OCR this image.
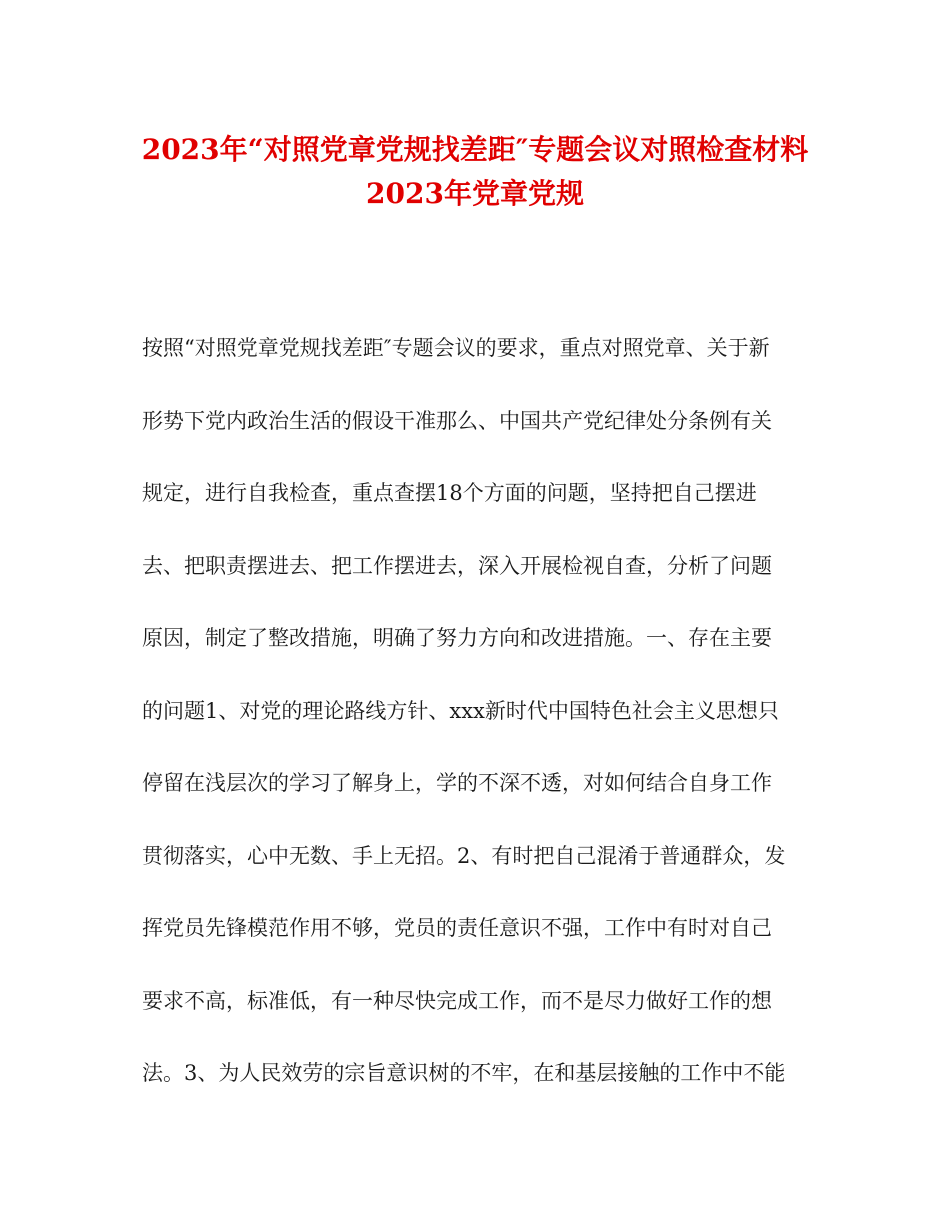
2023年“对照党章党规找差距″专题会议对照检查材料
2023年党章党规
按照“对照党章党规找差距″专题会议的要求，重点对照党章、关于新
形势下党内政治生活的假设干准那么、中国共产党纪律处分条例有关
规定，进行自我检查，重点查摆18个方面的问题，坚持把自己摆进
去、把职责摆进去、把工作摆进去，深入开展检视自查，分析了问题
原因，制定了整改措施，明确了努力方向和改进措施。一、存在主要
的问题1、对党的理论路线方针、xxx新时代中国特色社会主义思想只
停留在浅层次的学习了解身上，学的不深不透，对如何结合自身工作
贯彻落实，心中无数、手上无招。2、有时把自己混淆于普通群众，发
挥党员先锋模范作用不够，党员的责任意识不强，工作中有时对自己
要求不高，标准低，有一种尽快完成工作，而不是尽力做好工作的想
法。3、为人民效劳的宗旨意识树的不牢，在和基层接触的工作中不能
